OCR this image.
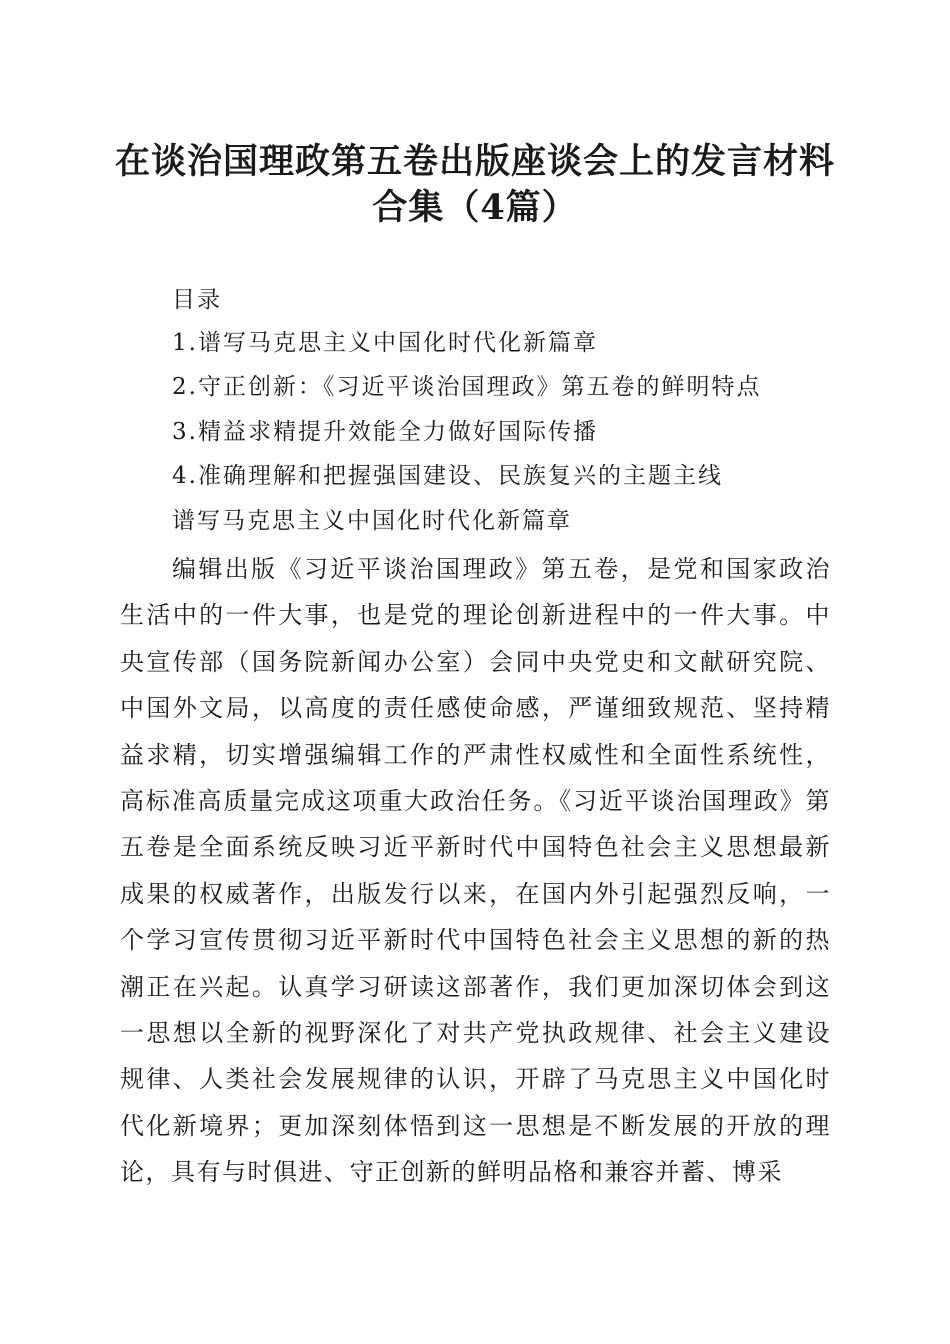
在谈治国理政第五卷出版座谈会上的发言材料
合集（4篇）
目录
1.谱写马克思主义中国化时代化新篇章
2.守正创新：《习近平谈治国理政》第五卷的鲜明特点
3.精益求精提升效能全力做好国际传播
4.准确理解和把握强国建设、民族复兴的主题主线
谱写马克思主义中国化时代化新篇章

编辑出版《习近平谈治国理政》第五卷，是党和国家政治生活中的一件大事，也是党的理论创新进程中的一件大事。中央宣传部（国务院新闻办公室）会同中央党史和文献研究院、中国外文局，以高度的责任感使命感，严谨细致规范、坚持精益求精，切实增强编辑工作的严肃性权威性和全面性系统性，高标准高质量完成这项重大政治任务。《习近平谈治国理政》第五卷是全面系统反映习近平新时代中国特色社会主义思想最新成果的权威著作，出版发行以来，在国内外引起强烈反响，一个学习宣传贯彻习近平新时代中国特色社会主义思想的新的热潮正在兴起。认真学习研读这部著作，我们更加深切体会到这一思想以全新的视野深化了对共产党执政规律、社会主义建设规律、人类社会发展规律的认识，开辟了马克思主义中国化时代化新境界；更加深刻体悟到这一思想是不断发展的开放的理论，具有与时俱进、守正创新的鲜明品格和兼容并蓄、博采
